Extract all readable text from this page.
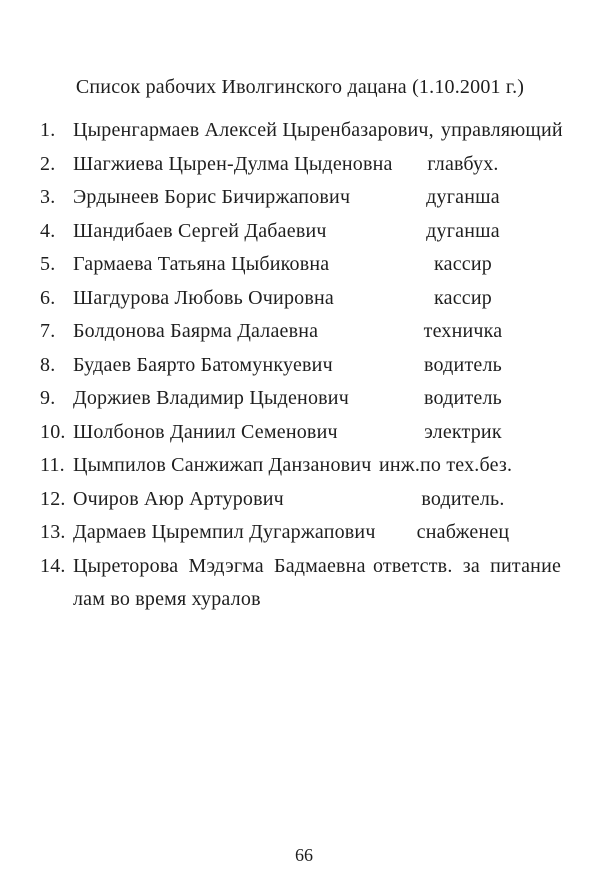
Список рабочих Иволгинского дацана (1.10.2001 г.)
1. Цыренгармаев Алексей Цыренбазарович, управляющий
2. Шагжиева Цырен-Дулма Цыденовна	главбух.
3. Эрдынеев Борис Бичиржапович	дуганша
4. Шандибаев Сергей Дабаевич	дуганша
5. Гармаева Татьяна Цыбиковна	кассир
6. Шагдурова Любовь Очировна	кассир
7. Болдонова Баярма Далаевна	техничка
8. Будаев Баярто Батомункуевич	водитель
9. Доржиев Владимир Цыденович	водитель
10. Шолбонов Даниил Семенович	электрик
11. Цымпилов Санжижап Данзанович инж.по тех.без.
12. Очиров Аюр Артурович	водитель.
13. Дармаев Цыремпил Дугаржапович	снабженец
14. Цыреторова Мэдэгма Бадмаевна ответств. за питание
лам во время хуралов
66
